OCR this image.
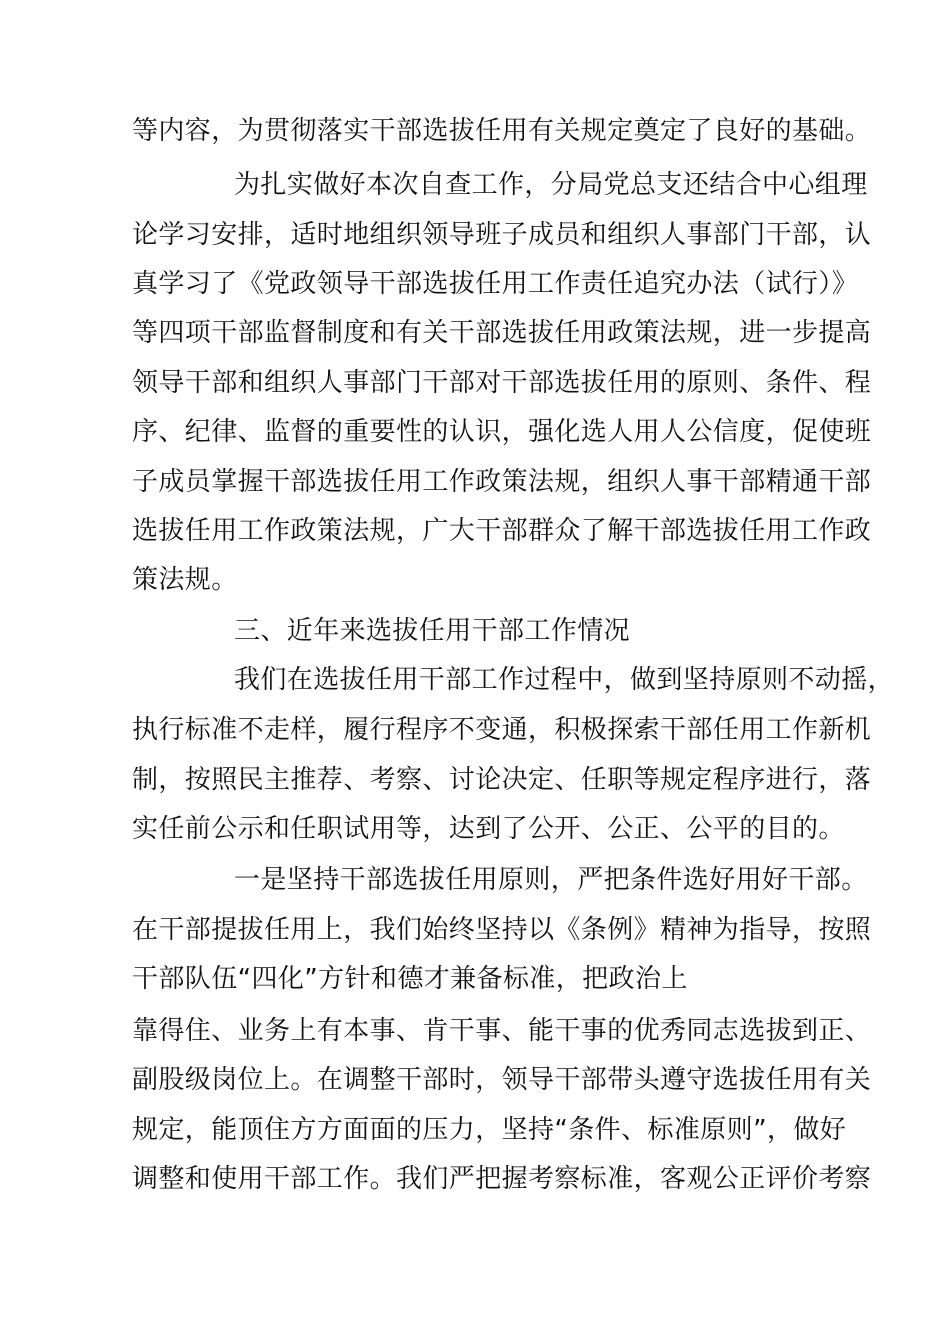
等内容，为贯彻落实干部选拔任用有关规定奠定了良好的基础。
为扎实做好本次自查工作，分局党总支还结合中心组理
论学习安排，适时地组织领导班子成员和组织人事部门干部，认
真学习了《党政领导干部选拔任用工作责任追究办法（试行）》
等四项干部监督制度和有关干部选拔任用政策法规，进一步提高
领导干部和组织人事部门干部对干部选拔任用的原则、条件、程
序、纪律、监督的重要性的认识，强化选人用人公信度，促使班
子成员掌握干部选拔任用工作政策法规，组织人事干部精通干部
选拔任用工作政策法规，广大干部群众了解干部选拔任用工作政
策法规。
三、近年来选拔任用干部工作情况
我们在选拔任用干部工作过程中，做到坚持原则不动摇，
执行标准不走样，履行程序不变通，积极探索干部任用工作新机
制，按照民主推荐、考察、讨论决定、任职等规定程序进行，落
实任前公示和任职试用等，达到了公开、公正、公平的目的。
一是坚持干部选拔任用原则，严把条件选好用好干部。
在干部提拔任用上，我们始终坚持以《条例》精神为指导，按照
干部队伍“四化”方针和德才兼备标准，把政治上
靠得住、业务上有本事、肯干事、能干事的优秀同志选拔到正、
副股级岗位上。在调整干部时，领导干部带头遵守选拔任用有关
规定，能顶住方方面面的压力，坚持“条件、标准原则”，做好
调整和使用干部工作。我们严把握考察标准，客观公正评价考察
